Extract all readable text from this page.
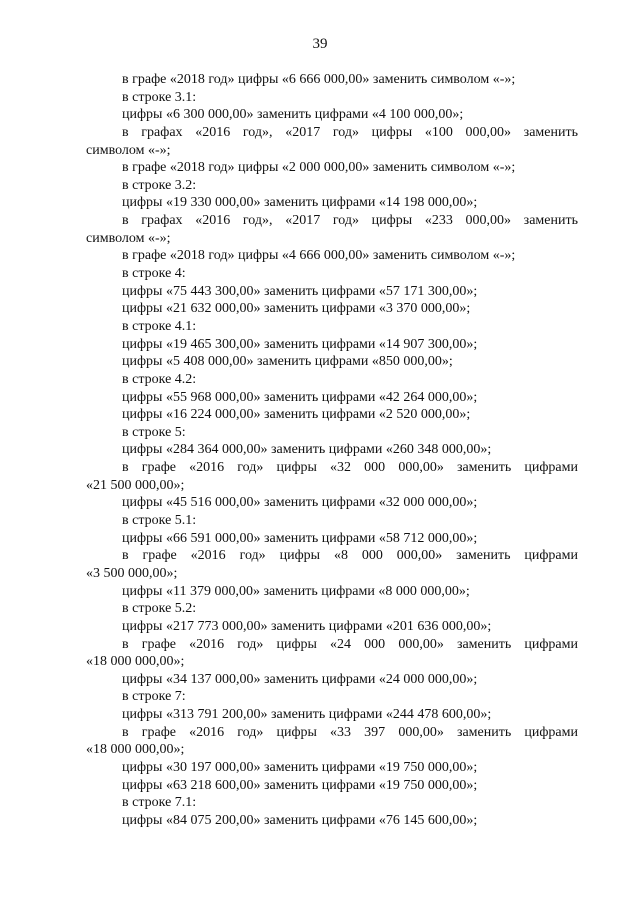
39
в графе «2018 год» цифры «6 666 000,00» заменить символом «-»;
в строке 3.1:
цифры «6 300 000,00» заменить цифрами «4 100 000,00»;
в графах «2016 год», «2017 год» цифры «100 000,00» заменить
символом «-»;
в графе «2018 год» цифры «2 000 000,00» заменить символом «-»;
в строке 3.2:
цифры «19 330 000,00» заменить цифрами «14 198 000,00»;
в графах «2016 год», «2017 год» цифры «233 000,00» заменить
символом «-»;
в графе «2018 год» цифры «4 666 000,00» заменить символом «-»;
в строке 4:
цифры «75 443 300,00» заменить цифрами «57 171 300,00»;
цифры «21 632 000,00» заменить цифрами «3 370 000,00»;
в строке 4.1:
цифры «19 465 300,00» заменить цифрами «14 907 300,00»;
цифры «5 408 000,00» заменить цифрами «850 000,00»;
в строке 4.2:
цифры «55 968 000,00» заменить цифрами «42 264 000,00»;
цифры «16 224 000,00» заменить цифрами «2 520 000,00»;
в строке 5:
цифры «284 364 000,00» заменить цифрами «260 348 000,00»;
в графе «2016 год» цифры «32 000 000,00» заменить цифрами
«21 500 000,00»;
цифры «45 516 000,00» заменить цифрами «32 000 000,00»;
в строке 5.1:
цифры «66 591 000,00» заменить цифрами «58 712 000,00»;
в графе «2016 год» цифры «8 000 000,00» заменить цифрами
«3 500 000,00»;
цифры «11 379 000,00» заменить цифрами «8 000 000,00»;
в строке 5.2:
цифры «217 773 000,00» заменить цифрами «201 636 000,00»;
в графе «2016 год» цифры «24 000 000,00» заменить цифрами
«18 000 000,00»;
цифры «34 137 000,00» заменить цифрами «24 000 000,00»;
в строке 7:
цифры «313 791 200,00» заменить цифрами «244 478 600,00»;
в графе «2016 год» цифры «33 397 000,00» заменить цифрами
«18 000 000,00»;
цифры «30 197 000,00» заменить цифрами «19 750 000,00»;
цифры «63 218 600,00» заменить цифрами «19 750 000,00»;
в строке 7.1:
цифры «84 075 200,00» заменить цифрами «76 145 600,00»;
